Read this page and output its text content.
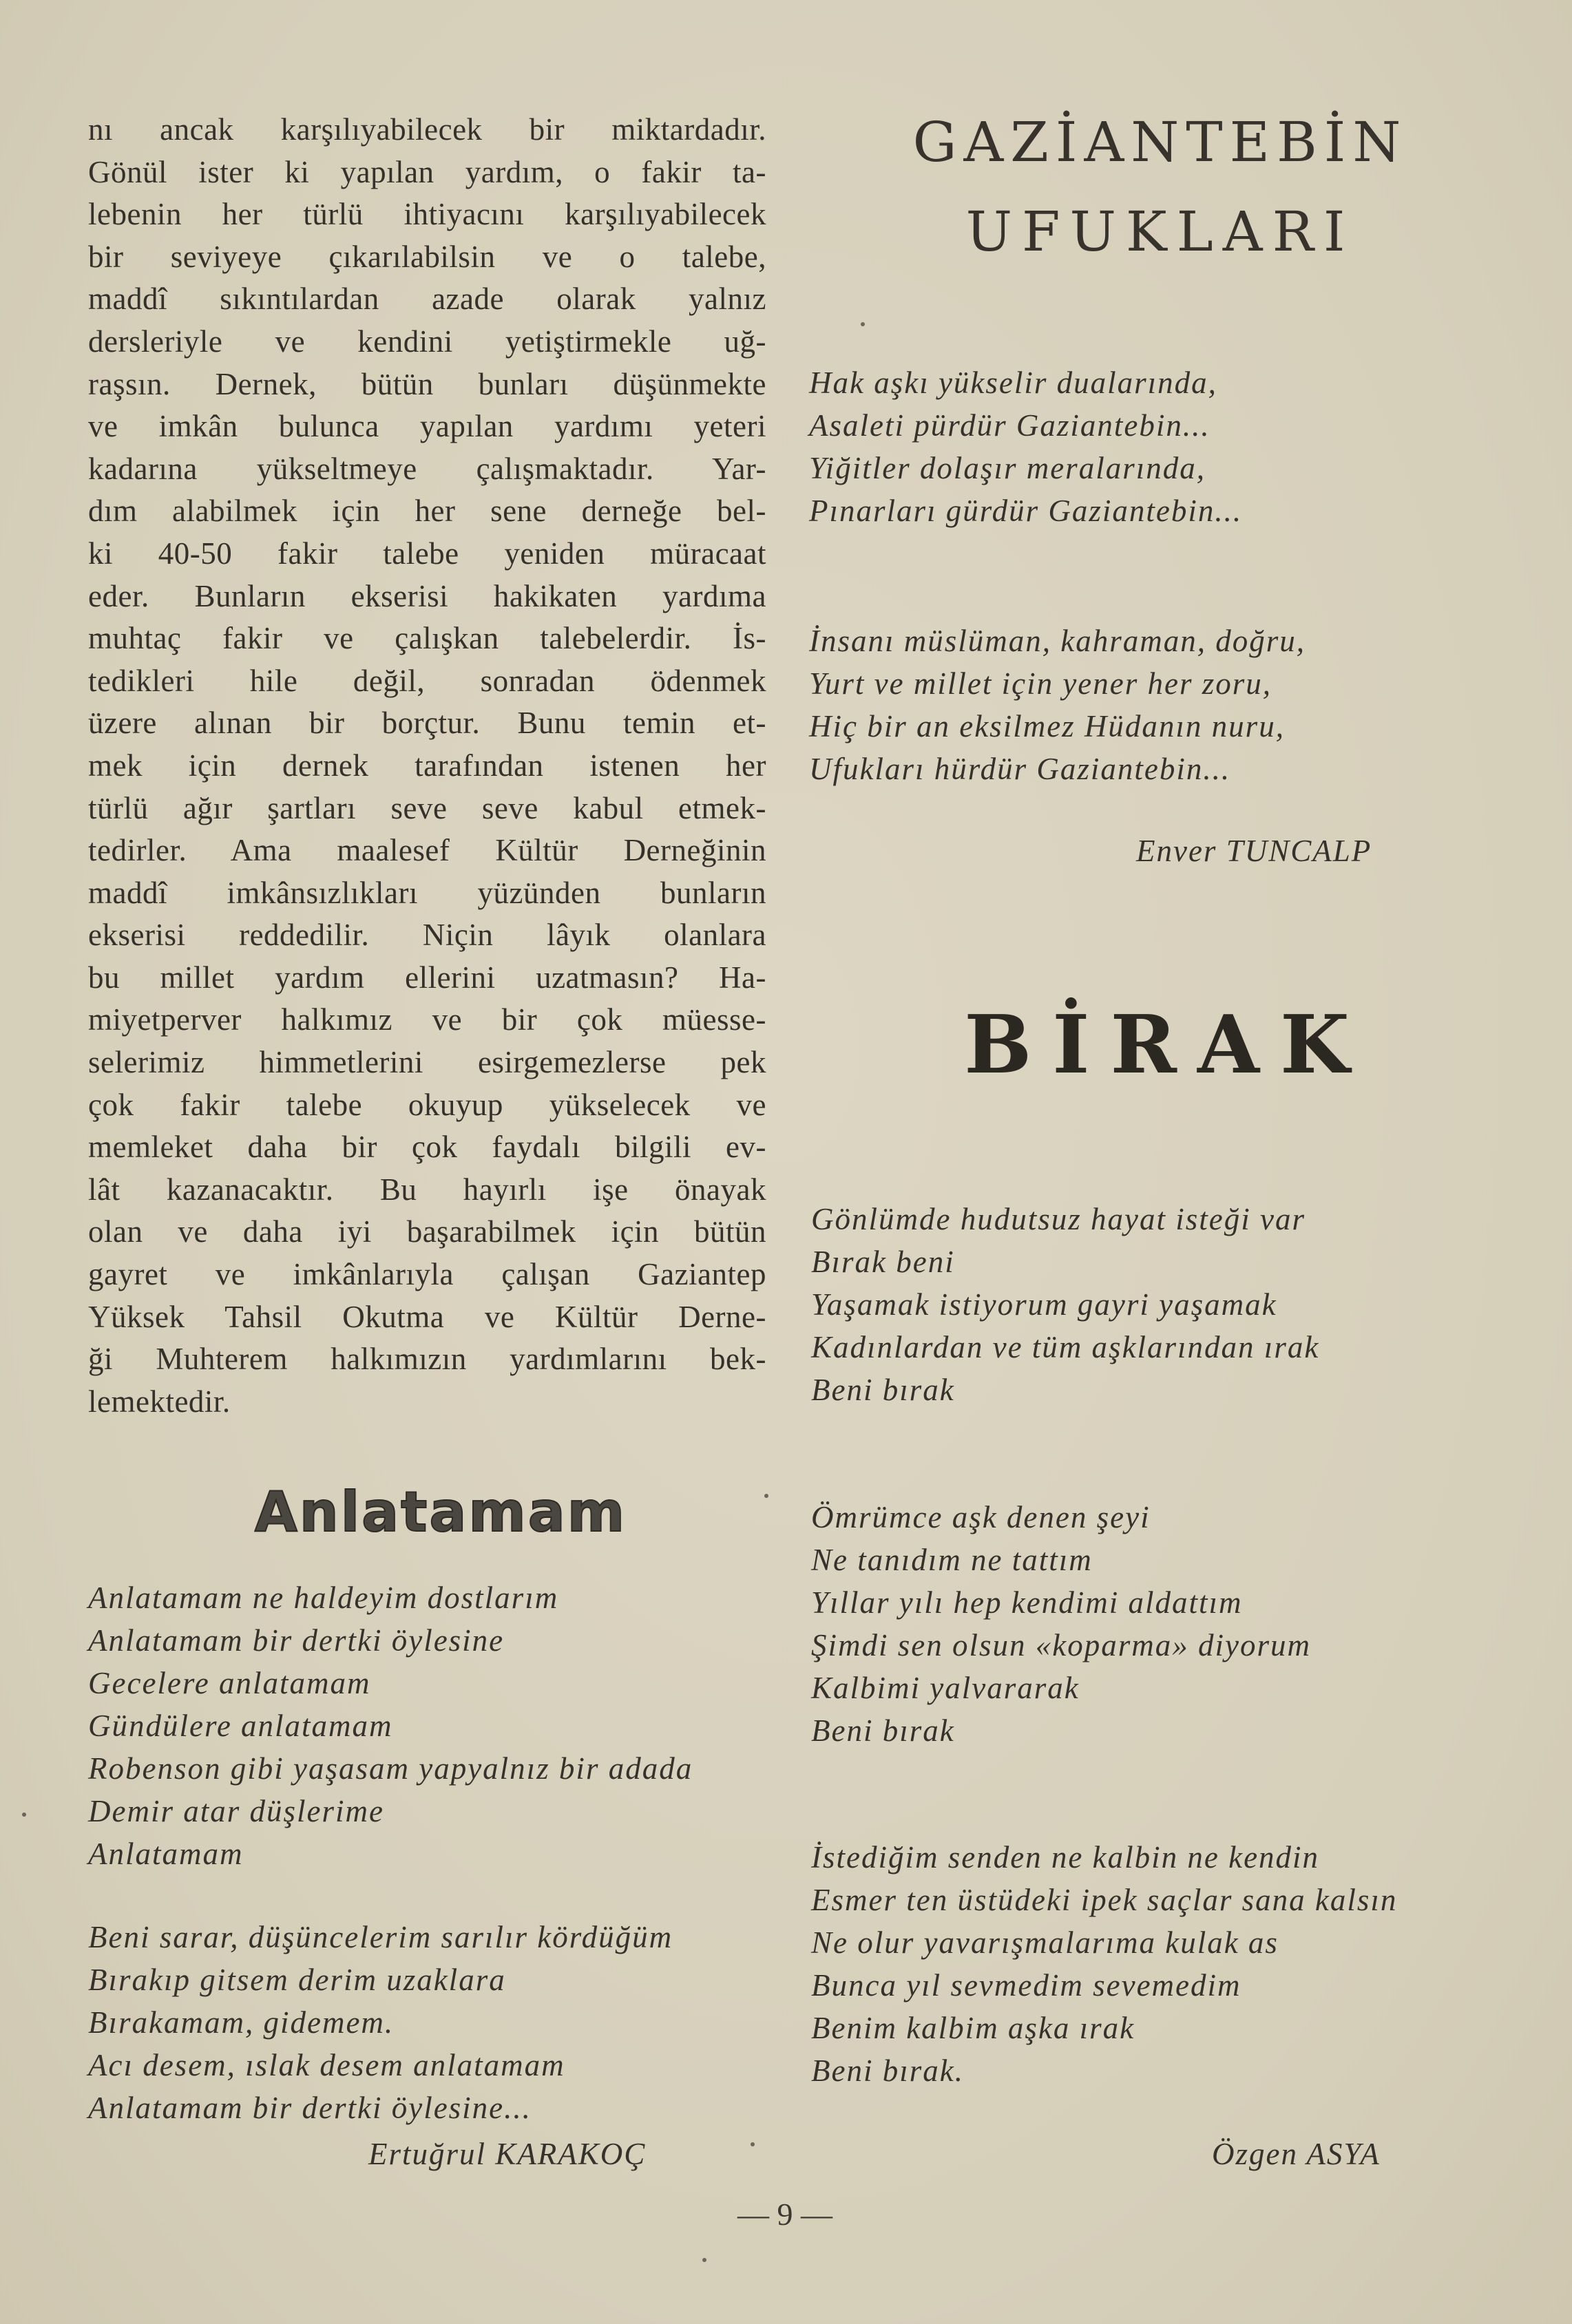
nı ancak karşılıyabilecek bir miktardadır.
Gönül ister ki yapılan yardım, o fakir ta-
lebenin her türlü ihtiyacını karşılıyabilecek
bir seviyeye çıkarılabilsin ve o talebe,
maddî sıkıntılardan azade olarak yalnız
dersleriyle ve kendini yetiştirmekle uğ-
raşsın. Dernek, bütün bunları düşünmekte
ve imkân bulunca yapılan yardımı yeteri
kadarına yükseltmeye çalışmaktadır. Yar-
dım alabilmek için her sene derneğe bel-
ki 40-50 fakir talebe yeniden müracaat
eder. Bunların ekserisi hakikaten yardıma
muhtaç fakir ve çalışkan talebelerdir. İs-
tedikleri hile değil, sonradan ödenmek
üzere alınan bir borçtur. Bunu temin et-
mek için dernek tarafından istenen her
türlü ağır şartları seve seve kabul etmek-
tedirler. Ama maalesef Kültür Derneğinin
maddî imkânsızlıkları yüzünden bunların
ekserisi reddedilir. Niçin lâyık olanlara
bu millet yardım ellerini uzatmasın? Ha-
miyetperver halkımız ve bir çok müesse-
selerimiz himmetlerini esirgemezlerse pek
çok fakir talebe okuyup yükselecek ve
memleket daha bir çok faydalı bilgili ev-
lât kazanacaktır. Bu hayırlı işe önayak
olan ve daha iyi başarabilmek için bütün
gayret ve imkânlarıyla çalışan Gaziantep
Yüksek Tahsil Okutma ve Kültür Derne-
ği Muhterem halkımızın yardımlarını bek-
lemektedir.
GAZİANTEBİN
UFUKLARI
Hak aşkı yükselir dualarında,
Asaleti pürdür Gaziantebin...
Yiğitler dolaşır meralarında,
Pınarları gürdür Gaziantebin...
İnsanı müslüman, kahraman, doğru,
Yurt ve millet için yener her zoru,
Hiç bir an eksilmez Hüdanın nuru,
Ufukları hürdür Gaziantebin...
Enver TUNCALP
BİRAK
Gönlümde hudutsuz hayat isteği var
Bırak beni
Yaşamak istiyorum gayri yaşamak
Kadınlardan ve tüm aşklarından ırak
Beni bırak
Ömrümce aşk denen şeyi
Ne tanıdım ne tattım
Yıllar yılı hep kendimi aldattım
Şimdi sen olsun «koparma» diyorum
Kalbimi yalvararak
Beni bırak
İstediğim senden ne kalbin ne kendin
Esmer ten üstüdeki ipek saçlar sana kalsın
Ne olur yavarışmalarıma kulak as
Bunca yıl sevmedim sevemedim
Benim kalbim aşka ırak
Beni bırak.
Özgen ASYA
Anlatamam
Anlatamam ne haldeyim dostlarım
Anlatamam bir dertki öylesine
Gecelere anlatamam
Gündülere anlatamam
Robenson gibi yaşasam yapyalnız bir adada
Demir atar düşlerime
Anlatamam
Beni sarar, düşüncelerim sarılır kördüğüm
Bırakıp gitsem derim uzaklara
Bırakamam, gidemem.
Acı desem, ıslak desem anlatamam
Anlatamam bir dertki öylesine...
Ertuğrul KARAKOÇ
— 9 —
